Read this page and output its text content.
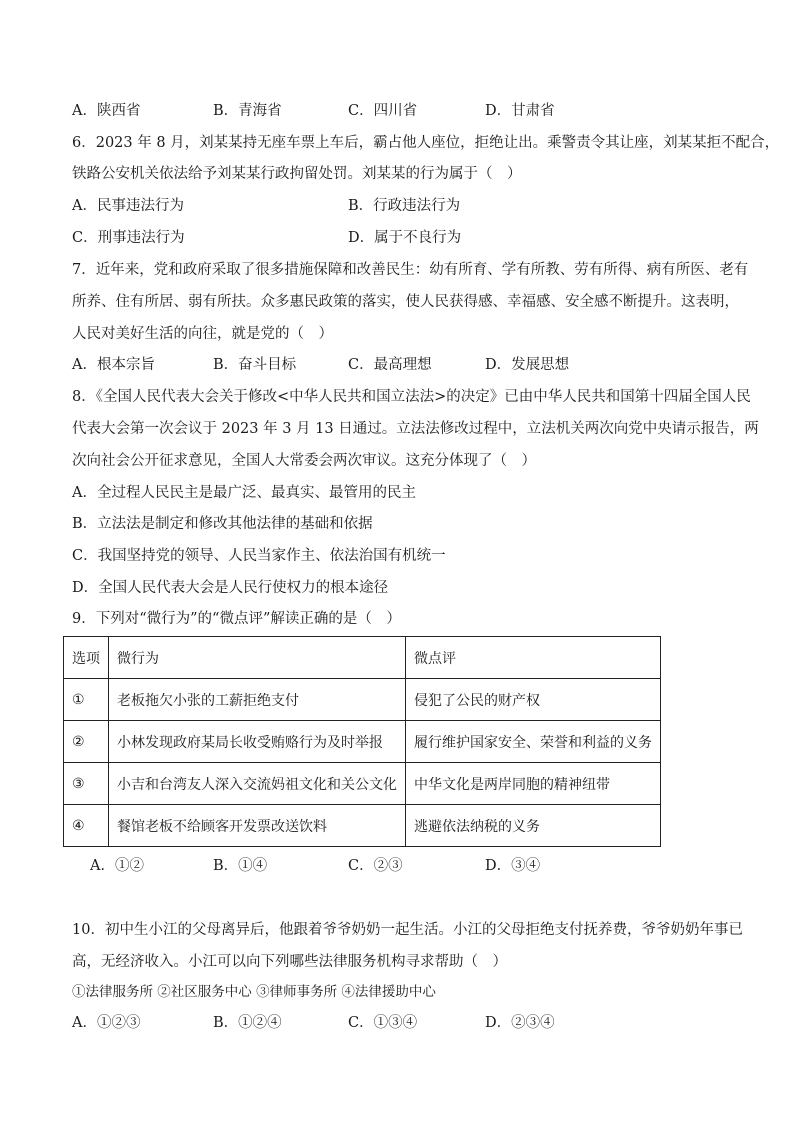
A．陕西省	B．青海省	C．四川省	D．甘肃省
6．2023 年 8 月，刘某某持无座车票上车后，霸占他人座位，拒绝让出。乘警责令其让座，刘某某拒不配合，
铁路公安机关依法给予刘某某行政拘留处罚。刘某某的行为属于（　）
A．民事违法行为	B．行政违法行为
C．刑事违法行为	D．属于不良行为
7．近年来，党和政府采取了很多措施保障和改善民生：幼有所育、学有所教、劳有所得、病有所医、老有
所养、住有所居、弱有所扶。众多惠民政策的落实，使人民获得感、幸福感、安全感不断提升。这表明，
人民对美好生活的向往，就是党的（　）
A．根本宗旨	B．奋斗目标	C．最高理想	D．发展思想
8．《全国人民代表大会关于修改<中华人民共和国立法法>的决定》已由中华人民共和国第十四届全国人民
代表大会第一次会议于 2023 年 3 月 13 日通过。立法法修改过程中，立法机关两次向党中央请示报告，两
次向社会公开征求意见，全国人大常委会两次审议。这充分体现了（　）
A．全过程人民民主是最广泛、最真实、最管用的民主
B．立法法是制定和修改其他法律的基础和依据
C．我国坚持党的领导、人民当家作主、依法治国有机统一
D．全国人民代表大会是人民行使权力的根本途径
9．下列对“微行为”的“微点评”解读正确的是（　）
选项	微行为	微点评
①	老板拖欠小张的工薪拒绝支付	侵犯了公民的财产权
②	小林发现政府某局长收受贿赂行为及时举报	履行维护国家安全、荣誉和利益的义务
③	小吉和台湾友人深入交流妈祖文化和关公文化	中华文化是两岸同胞的精神纽带
④	餐馆老板不给顾客开发票改送饮料	逃避依法纳税的义务
A．①②	B．①④	C．②③	D．③④
10．初中生小江的父母离异后，他跟着爷爷奶奶一起生活。小江的父母拒绝支付抚养费，爷爷奶奶年事已
高，无经济收入。小江可以向下列哪些法律服务机构寻求帮助（　）
①法律服务所 ②社区服务中心 ③律师事务所 ④法律援助中心
A．①②③	B．①②④	C．①③④	D．②③④
